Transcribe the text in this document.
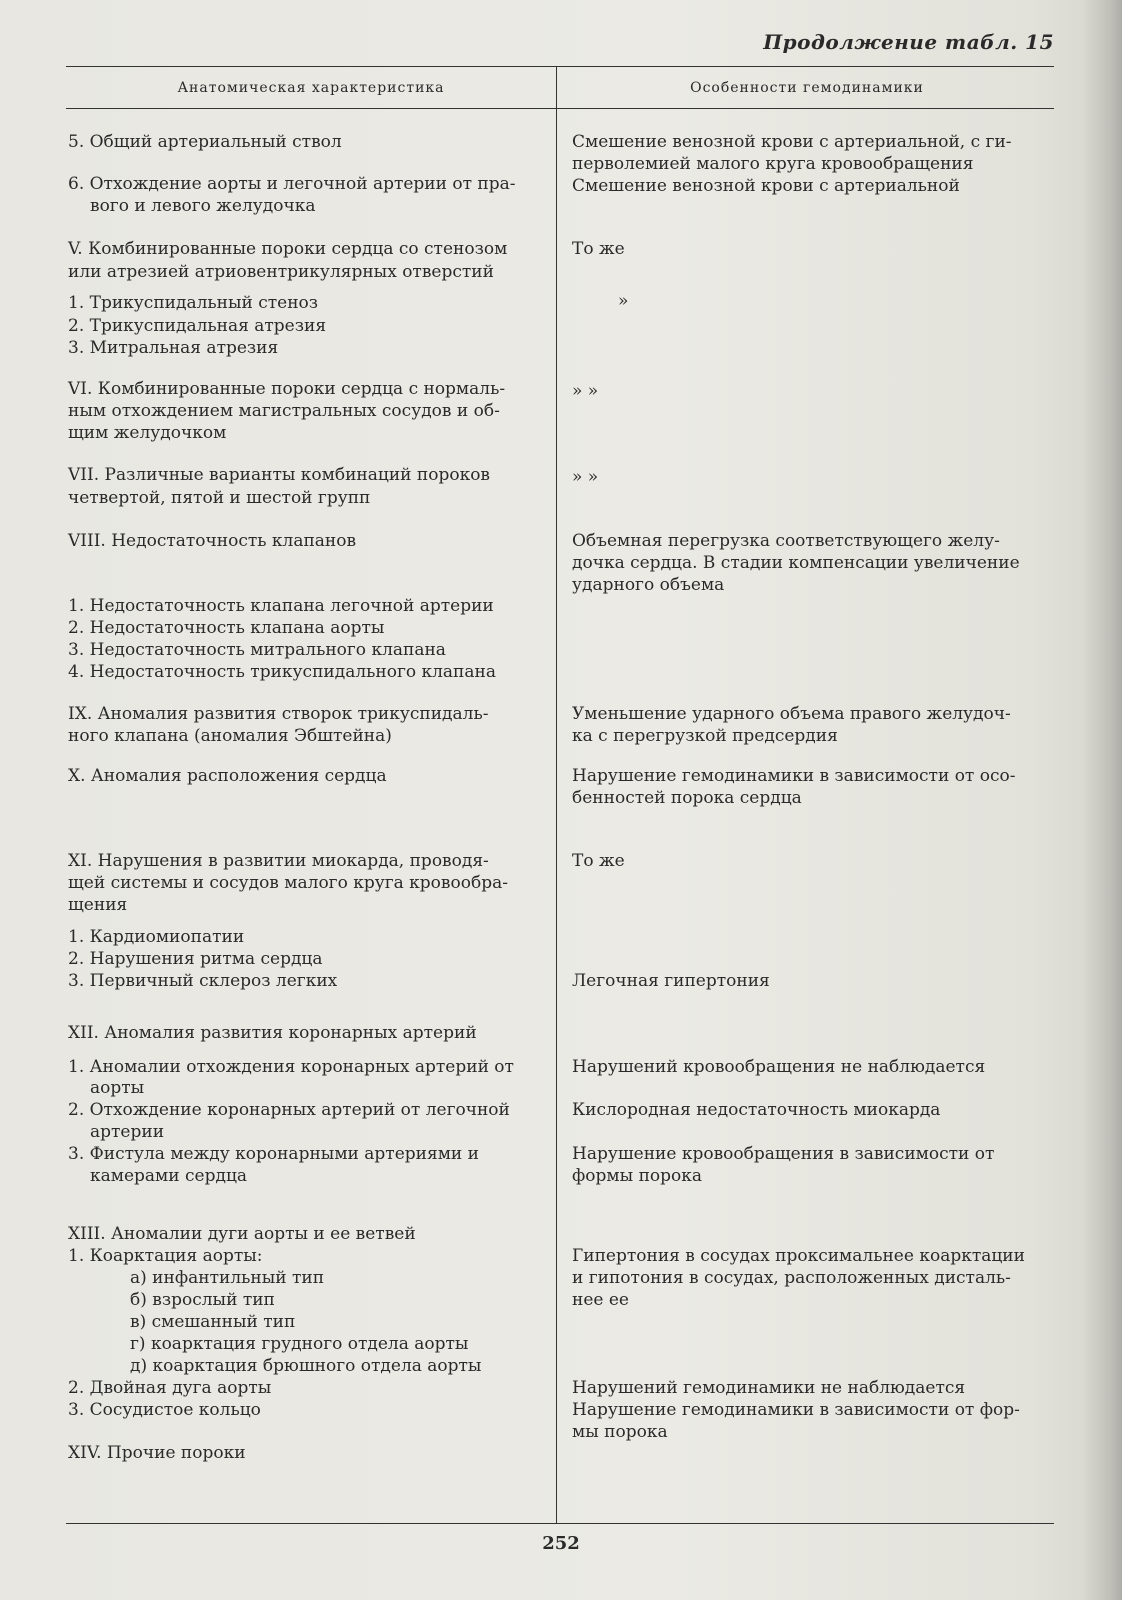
Продолжение табл. 15
Анатомическая характеристика	Особенности гемодинамики
5. Общий артериальный ствол
6. Отхождение аорты и легочной артерии от пра-
вого и левого желудочка
V. Комбинированные пороки сердца со стенозом
или атрезией атриовентрикулярных отверстий
1. Трикуспидальный стеноз
2. Трикуспидальная атрезия
3. Митральная атрезия
VI. Комбинированные пороки сердца с нормаль-
ным отхождением магистральных сосудов и об-
щим желудочком
VII. Различные варианты комбинаций пороков
четвертой, пятой и шестой групп
VIII. Недостаточность клапанов
1. Недостаточность клапана легочной артерии
2. Недостаточность клапана аорты
3. Недостаточность митрального клапана
4. Недостаточность трикуспидального клапана
IX. Аномалия развития створок трикуспидаль-
ного клапана (аномалия Эбштейна)
X. Аномалия расположения сердца
XI. Нарушения в развитии миокарда, проводя-
щей системы и сосудов малого круга кровообра-
щения
1. Кардиомиопатии
2. Нарушения ритма сердца
3. Первичный склероз легких
XII. Аномалия развития коронарных артерий
1. Аномалии отхождения коронарных артерий от
аорты
2. Отхождение коронарных артерий от легочной
артерии
3. Фистула между коронарными артериями и
камерами сердца
XIII. Аномалии дуги аорты и ее ветвей
1. Коарктация аорты:
а) инфантильный тип
б) взрослый тип
в) смешанный тип
г) коарктация грудного отдела аорты
д) коарктация брюшного отдела аорты
2. Двойная дуга аорты
3. Сосудистое кольцо
XIV. Прочие пороки
Смешение венозной крови с артериальной, с ги-
перволемией малого круга кровообращения
Смешение венозной крови с артериальной
То же
»
» »
» »
Объемная перегрузка соответствующего желу-
дочка сердца. В стадии компенсации увеличение
ударного объема
Уменьшение ударного объема правого желудоч-
ка с перегрузкой предсердия
Нарушение гемодинамики в зависимости от осо-
бенностей порока сердца
То же
Легочная гипертония
Нарушений кровообращения не наблюдается
Кислородная недостаточность миокарда
Нарушение кровообращения в зависимости от
формы порока
Гипертония в сосудах проксимальнее коарктации
и гипотония в сосудах, расположенных дисталь-
нее ее
Нарушений гемодинамики не наблюдается
Нарушение гемодинамики в зависимости от фор-
мы порока
252
